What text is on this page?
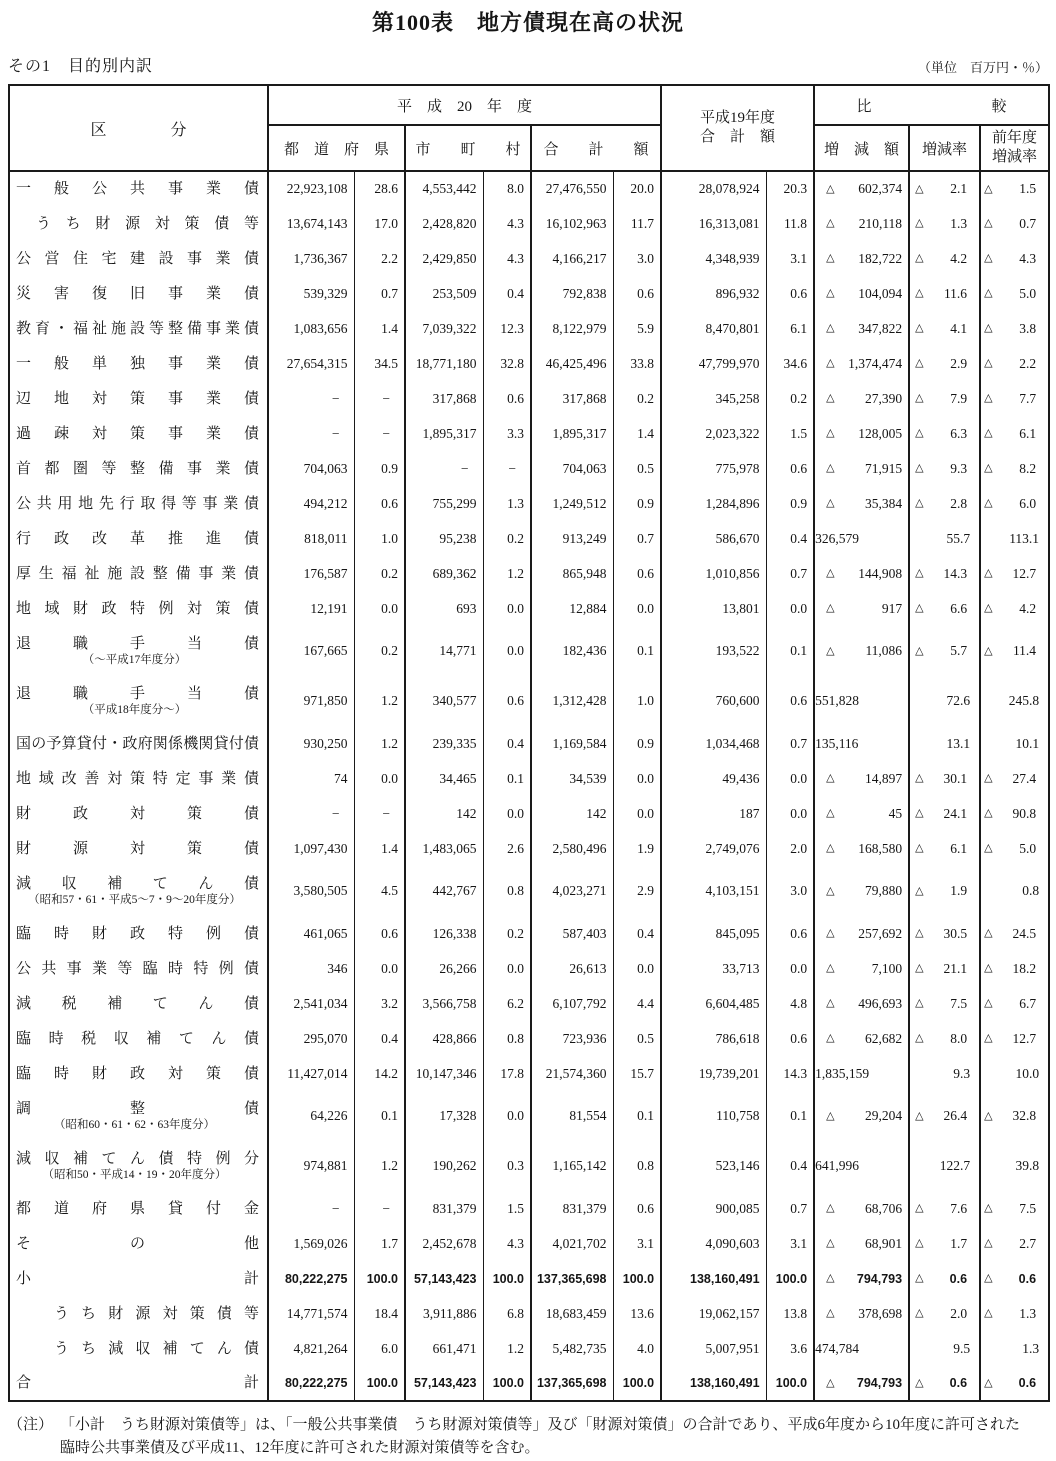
第100表　地方債現在高の状況
その1　目的別内訳	（単位　百万円・％）
区　　　　分	平　成　20　年　度						平成19年度
合　計　額		比　　　　　　　　較		
	都　道　府　県		市　　町　　村		合　　計　　額				増　減　額	増減率	前年度
増減率

一般公共事業債	22,923,108	28.6	4,553,442	8.0	27,476,550	20.0	28,078,924	20.3	△ 602,374	△ 2.1	△ 1.5

うち財源対策債等	13,674,143	17.0	2,428,820	4.3	16,102,963	11.7	16,313,081	11.8	△ 210,118	△ 1.3	△ 0.7

公営住宅建設事業債	1,736,367	2.2	2,429,850	4.3	4,166,217	3.0	4,348,939	3.1	△ 182,722	△ 4.2	△ 4.3

災害復旧事業債	539,329	0.7	253,509	0.4	792,838	0.6	896,932	0.6	△ 104,094	△ 11.6	△ 5.0

教育・福祉施設等整備事業債	1,083,656	1.4	7,039,322	12.3	8,122,979	5.9	8,470,801	6.1	△ 347,822	△ 4.1	△ 3.8

一般単独事業債	27,654,315	34.5	18,771,180	32.8	46,425,496	33.8	47,799,970	34.6	△ 1,374,474	△ 2.9	△ 2.2

辺地対策事業債	−	−	317,868	0.6	317,868	0.2	345,258	0.2	△ 27,390	△ 7.9	△ 7.7

過疎対策事業債	−	−	1,895,317	3.3	1,895,317	1.4	2,023,322	1.5	△ 128,005	△ 6.3	△ 6.1

首都圏等整備事業債	704,063	0.9	−	−	704,063	0.5	775,978	0.6	△ 71,915	△ 9.3	△ 8.2

公共用地先行取得等事業債	494,212	0.6	755,299	1.3	1,249,512	0.9	1,284,896	0.9	△ 35,384	△ 2.8	△ 6.0

行政改革推進債	818,011	1.0	95,238	0.2	913,249	0.7	586,670	0.4	326,579	55.7	113.1

厚生福祉施設整備事業債	176,587	0.2	689,362	1.2	865,948	0.6	1,010,856	0.7	△ 144,908	△ 14.3	△ 12.7

地域財政特例対策債	12,191	0.0	693	0.0	12,884	0.0	13,801	0.0	△ 917	△ 6.6	△ 4.2

退職手当債
（～平成17年度分）
	167,665	0.2	14,771	0.0	182,436	0.1	193,522	0.1	△ 11,086	△ 5.7	△ 11.4

退職手当債
（平成18年度分～）	971,850	1.2	340,577	0.6	1,312,428	1.0	760,600	0.6	551,828	72.6	245.8

国の予算貸付・政府関係機関貸付債	930,250	1.2	239,335	0.4	1,169,584	0.9	1,034,468	0.7	135,116	13.1	10.1

地域改善対策特定事業債	74	0.0	34,465	0.1	34,539	0.0	49,436	0.0	△ 14,897	△ 30.1	△ 27.4

財政対策債	−	−	142	0.0	142	0.0	187	0.0	△ 45	△ 24.1	△ 90.8

財源対策債	1,097,430	1.4	1,483,065	2.6	2,580,496	1.9	2,749,076	2.0	△ 168,580	△ 6.1	△ 5.0

減収補てん債
（昭和57・61・平成5～7・9～20年度分）
	3,580,505	4.5	442,767	0.8	4,023,271	2.9	4,103,151	3.0	△ 79,880	△ 1.9	0.8

臨時財政特例債	461,065	0.6	126,338	0.2	587,403	0.4	845,095	0.6	△ 257,692	△ 30.5	△ 24.5

公共事業等臨時特例債	346	0.0	26,266	0.0	26,613	0.0	33,713	0.0	△ 7,100	△ 21.1	△ 18.2

減税補てん債	2,541,034	3.2	3,566,758	6.2	6,107,792	4.4	6,604,485	4.8	△ 496,693	△ 7.5	△ 6.7

臨時税収補てん債	295,070	0.4	428,866	0.8	723,936	0.5	786,618	0.6	△ 62,682	△ 8.0	△ 12.7

臨時財政対策債	11,427,014	14.2	10,147,346	17.8	21,574,360	15.7	19,739,201	14.3	1,835,159	9.3	10.0

調整債
（昭和60・61・62・63年度分）
	64,226	0.1	17,328	0.0	81,554	0.1	110,758	0.1	△ 29,204	△ 26.4	△ 32.8

減収補てん債特例分
（昭和50・平成14・19・20年度分）	974,881	1.2	190,262	0.3	1,165,142	0.8	523,146	0.4	641,996	122.7	39.8

都道府県貸付金	−	−	831,379	1.5	831,379	0.6	900,085	0.7	△ 68,706	△ 7.6	△ 7.5

その他	1,569,026	1.7	2,452,678	4.3	4,021,702	3.1	4,090,603	3.1	△ 68,901	△ 1.7	△ 2.7

小計	80,222,275	100.0	57,143,423	100.0	137,365,698	100.0	138,160,491	100.0	△ 794,793	△ 0.6	△ 0.6

うち財源対策債等	14,771,574	18.4	3,911,886	6.8	18,683,459	13.6	19,062,157	13.8	△ 378,698	△ 2.0	△ 1.3

うち減収補てん債	4,821,264	6.0	661,471	1.2	5,482,735	4.0	5,007,951	3.6	474,784	9.5	1.3

合計	80,222,275	100.0	57,143,423	100.0	137,365,698	100.0	138,160,491	100.0	△ 794,793	△ 0.6	△ 0.6
（注） 「小計　うち財源対策債等」は、「一般公共事業債　うち財源対策債等」及び「財源対策債」の合計であり、平成6年度から10年度に許可された
臨時公共事業債及び平成11、12年度に許可された財源対策債等を含む。
